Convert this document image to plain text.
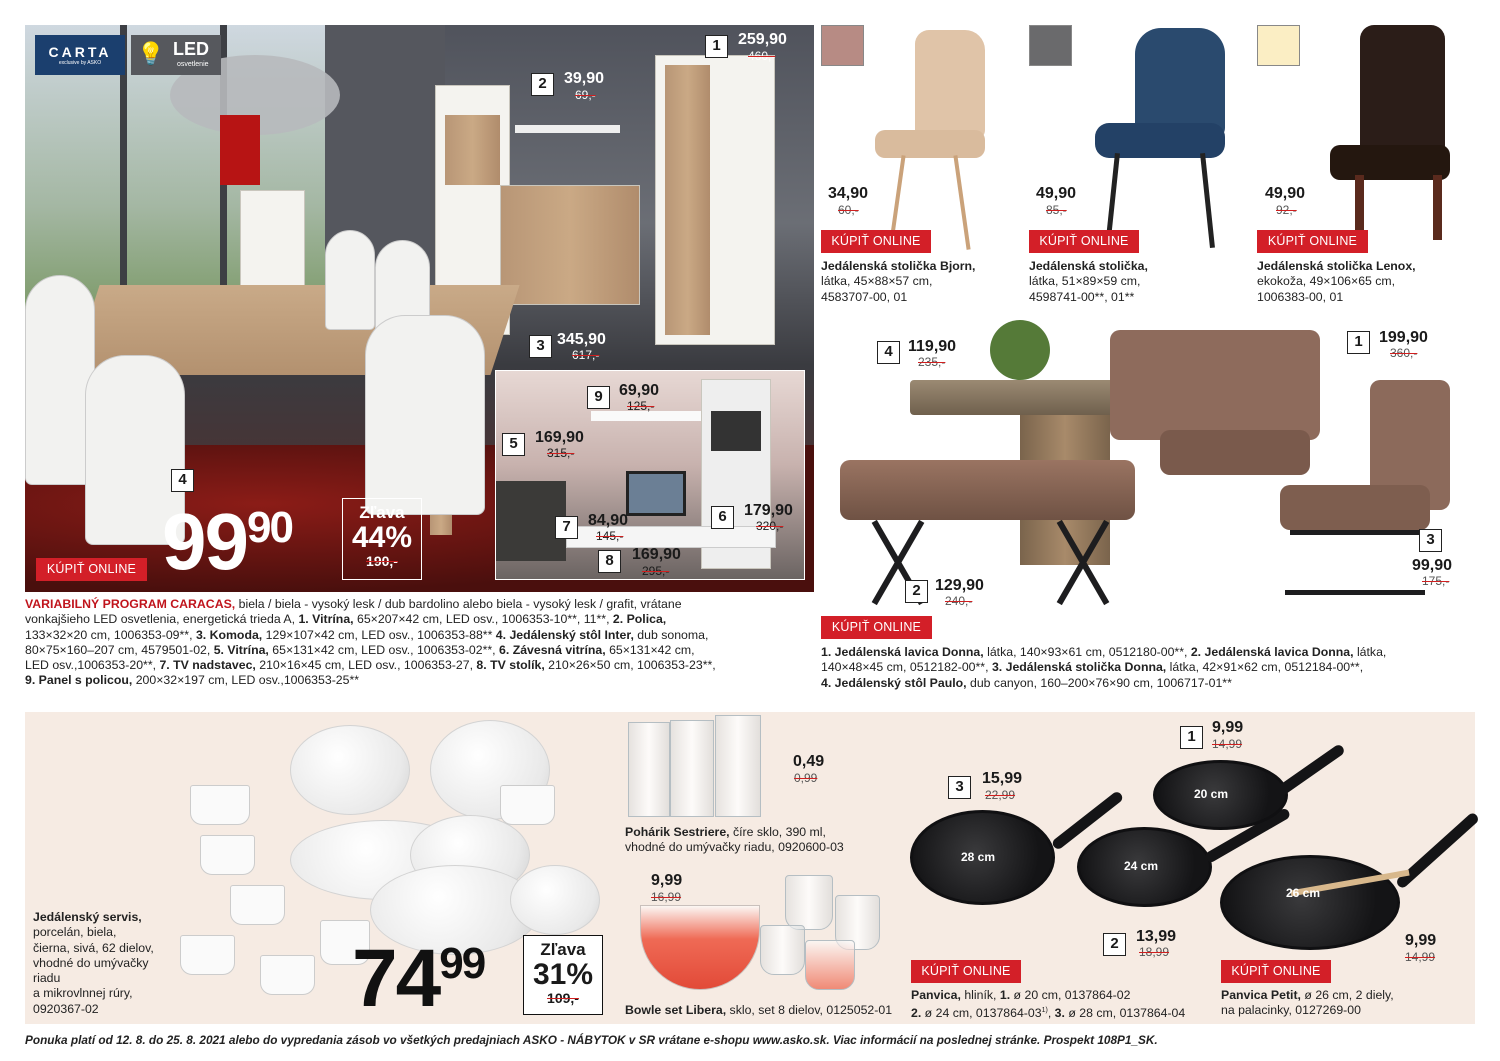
CARTA
exclusive by ASKO	💡 LED
osvetlenie
1	259,90
460,-
2	39,90
69,-
3 345,90
617,-
9	69,90
125,-
5	169,90
315,-
7	84,90
145,-
6	179,90
320,-
8	169,90
295,-
4
KÚPIŤ ONLINE $99^{90}$	Zľava
44%
190,-
VARIABILNÝ PROGRAM CARACAS, biela / biela - vysoký lesk / dub bardolino alebo biela - vysoký lesk / grafit, vrátane
vonkajšieho LED osvetlenia, energetická trieda A, 1. Vitrína, 65×207×42 cm, LED osv., 1006353-10**, 11**, 2. Polica,
133×32×20 cm, 1006353-09**, 3. Komoda, 129×107×42 cm, LED osv., 1006353-88** 4. Jedálenský stôl Inter, dub sonoma,
80×75×160–207 cm, 4579501-02, 5. Vitrína, 65×131×42 cm, LED osv., 1006353-02**, 6. Závesná vitrína, 65×131×42 cm,
LED osv.,1006353-20**, 7. TV nadstavec, 210×16×45 cm, LED osv., 1006353-27, 8. TV stolík, 210×26×50 cm, 1006353-23**,
9. Panel s policou, 200×32×197 cm, LED osv.,1006353-25**
34,90
60,-
KÚPIŤ ONLINE
Jedálenská stolička Bjorn,
látka, 45×88×57 cm,
4583707-00, 01
49,90
85,-
KÚPIŤ ONLINE
Jedálenská stolička,
látka, 51×89×59 cm,
4598741-00**, 01**
49,90
92,-
KÚPIŤ ONLINE
Jedálenská stolička Lenox,
ekokoža, 49×106×65 cm,
1006383-00, 01
4 119,90
235,-
1	199,90
360,-
3
99,90
175,-
2 129,90
240,-
KÚPIŤ ONLINE
1. Jedálenská lavica Donna, látka, 140×93×61 cm, 0512180-00**, 2. Jedálenská lavica Donna, látka,
140×48×45 cm, 0512182-00**, 3. Jedálenská stolička Donna, látka, 42×91×62 cm, 0512184-00**,
4. Jedálenský stôl Paulo, dub canyon, 160–200×76×90 cm, 1006717-01**
Jedálenský servis,
porcelán, biela,
čierna, sivá, 62 dielov,
vhodné do umývačky
riadu
a mikrovlnnej rúry,
0920367-02	$74^{99}$	Zľava
31%
109,-
0,49
0,99
Pohárik Sestriere, číre sklo, 390 ml,
vhodné do umývačky riadu, 0920600-03
9,99
16,99
Bowle set Libera, sklo, set 8 dielov, 0125052-01
20 cm
28 cm
24 cm
26 cm
1
9,99
14,99
3	15,99
22,99
2	13,99
18,99
KÚPIŤ ONLINE
Panvica, hliník, 1. ø 20 cm, 0137864-02
2. ø 24 cm, 0137864-03$^{1)}$, 3. ø 28 cm, 0137864-04
9,99
14,99
KÚPIŤ ONLINE
Panvica Petit, ø 26 cm, 2 diely,
na palacinky, 0127269-00
Ponuka platí od 12. 8. do 25. 8. 2021 alebo do vypredania zásob vo všetkých predajniach ASKO - NÁBYTOK v SR vrátane e-shopu www.asko.sk. Viac informácií na poslednej stránke. Prospekt 108P1_SK.
